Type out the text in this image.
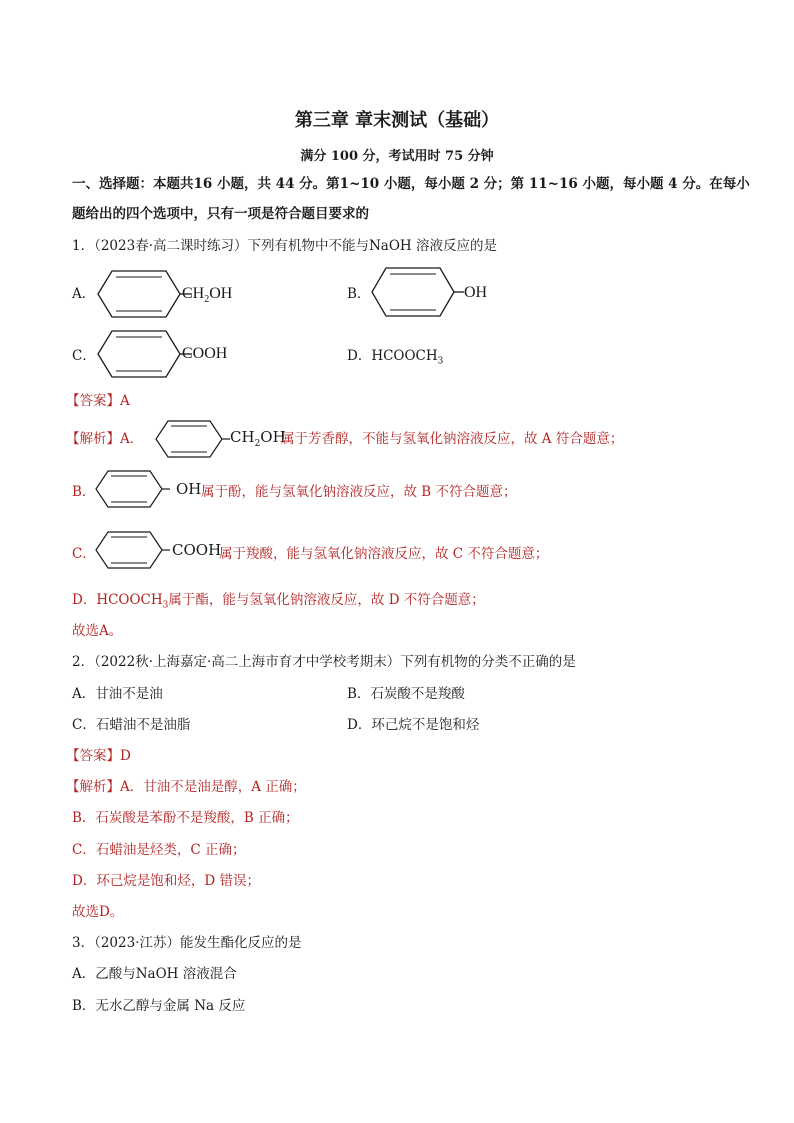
第三章 章末测试（基础）
满分 100 分，考试用时 75 分钟
一、选择题：本题共16 小题，共 44 分。第1~10 小题，每小题 2 分；第 11~16 小题，每小题 4 分。在每小
题给出的四个选项中，只有一项是符合题目要求的
1．（2023春·高二课时练习）下列有机物中不能与NaOH 溶液反应的是
A．	$CH_2OH$	B．	OH
C．	COOH	D．$HCOOCH_3$
【答案】A
【解析】A．	$CH_2OH$
属于芳香醇，不能与氢氧化钠溶液反应，故 A 符合题意；
B．	OH 属于酚，能与氢氧化钠溶液反应，故 B 不符合题意；
C．	COOH
属于羧酸，能与氢氧化钠溶液反应，故 C 不符合题意；
D．$HCOOCH_3$属于酯，能与氢氧化钠溶液反应，故 D 不符合题意；
故选A。
2．（2022秋·上海嘉定·高二上海市育才中学校考期末）下列有机物的分类不正确的是
A．甘油不是油	B．石炭酸不是羧酸
C．石蜡油不是油脂	D．环己烷不是饱和烃
【答案】D
【解析】A．甘油不是油是醇，A 正确；
B．石炭酸是苯酚不是羧酸，B 正确；
C．石蜡油是烃类，C 正确；
D．环己烷是饱和烃，D 错误；
故选D。
3．（2023·江苏）能发生酯化反应的是
A．乙酸与NaOH 溶液混合
B．无水乙醇与金属 Na 反应
